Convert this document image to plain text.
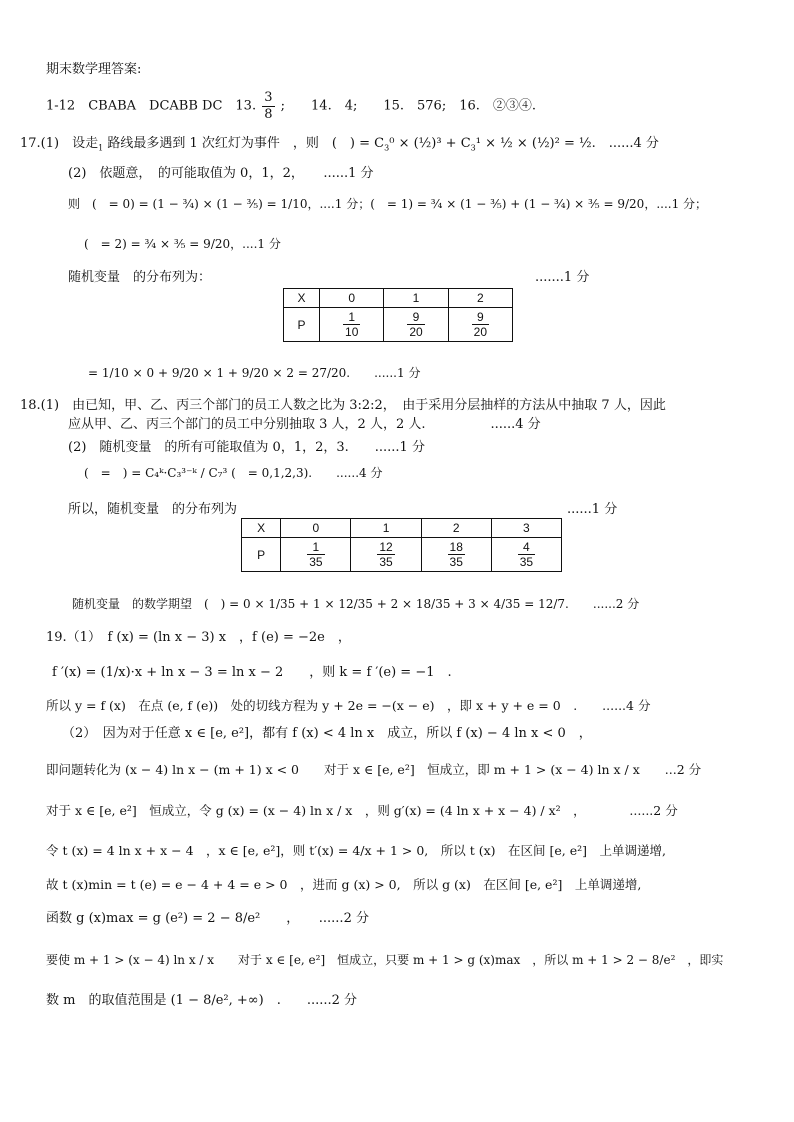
期末数学理答案:
1-12　CBABA　DCABB DC　13. $\frac{3}{8}$ ;　　14.　4;　　15.　576;　16.　②③④.
17.(1)　设走$_1$ 路线最多遇到 1 次红灯为事件　，则　(　) = $C_3^0$ × (½)³ + $C_3^1$ × ½ × (½)² = ½.　......4 分
(2)　依题意，　的可能取值为 0，1，2，　　......1 分
则　(　= 0) = (1 − ¾) × (1 − ⅗) = 1/10，....1 分；(　= 1) = ¾ × (1 − ⅗) + (1 − ¾) × ⅗ = 9/20，....1 分；
(　= 2) = ¾ × ⅗ = 9/20，....1 分
随机变量　的分布列为：	.......1 分
X	0	1	2
P	$\frac{1}{10}$	$\frac{9}{20}$	$\frac{9}{20}$
= 1/10 × 0 + 9/20 × 1 + 9/20 × 2 = 27/20.　　......1 分
18.(1)　由已知，甲、乙、丙三个部门的员工人数之比为 3:2:2，　由于采用分层抽样的方法从中抽取 7 人，因此
应从甲、乙、丙三个部门的员工中分别抽取 3 人，2 人，2 人.　　　　　......4 分
(2)　随机变量　的所有可能取值为 0，1，2，3.　　......1 分
(　=　) = C₄ᵏ·C₃³⁻ᵏ / C₇³ (　= 0,1,2,3).　　......4 分
所以，随机变量　的分布列为	......1 分
X	0	1	2	3
P	$\frac{1}{35}$	$\frac{12}{35}$	$\frac{18}{35}$	$\frac{4}{35}$
随机变量　的数学期望　(　) = 0 × 1/35 + 1 × 12/35 + 2 × 18/35 + 3 × 4/35 = 12/7.　　......2 分
19.（1）　f (x) = (ln x − 3) x　，f (e) = −2e　，
f ′(x) = (1/x)·x + ln x − 3 = ln x − 2　　，则 k = f ′(e) = −1　.
所以 y = f (x)　在点 (e, f (e))　处的切线方程为 y + 2e = −(x − e)　，即 x + y + e = 0　.　　......4 分
（2）　因为对于任意 x ∈ [e, e²]，都有 f (x) < 4 ln x　成立，所以 f (x) − 4 ln x < 0　，
即问题转化为 (x − 4) ln x − (m + 1) x < 0　　对于 x ∈ [e, e²]　恒成立，即 m + 1 > (x − 4) ln x / x　　...2 分
对于 x ∈ [e, e²]　恒成立，令 g (x) = (x − 4) ln x / x　，则 g′(x) = (4 ln x + x − 4) / x²　，　　　　......2 分
令 t (x) = 4 ln x + x − 4　，x ∈ [e, e²]，则 t′(x) = 4/x + 1 > 0,　所以 t (x)　在区间 [e, e²]　上单调递增,
故 t (x)min = t (e) = e − 4 + 4 = e > 0　，进而 g (x) > 0,　所以 g (x)　在区间 [e, e²]　上单调递增,
函数 g (x)max = g (e²) = 2 − 8/e²　　，　　......2 分
要使 m + 1 > (x − 4) ln x / x　　对于 x ∈ [e, e²]　恒成立，只要 m + 1 > g (x)max　，所以 m + 1 > 2 − 8/e²　，即实
数 m　的取值范围是 (1 − 8/e², +∞)　.　　......2 分
